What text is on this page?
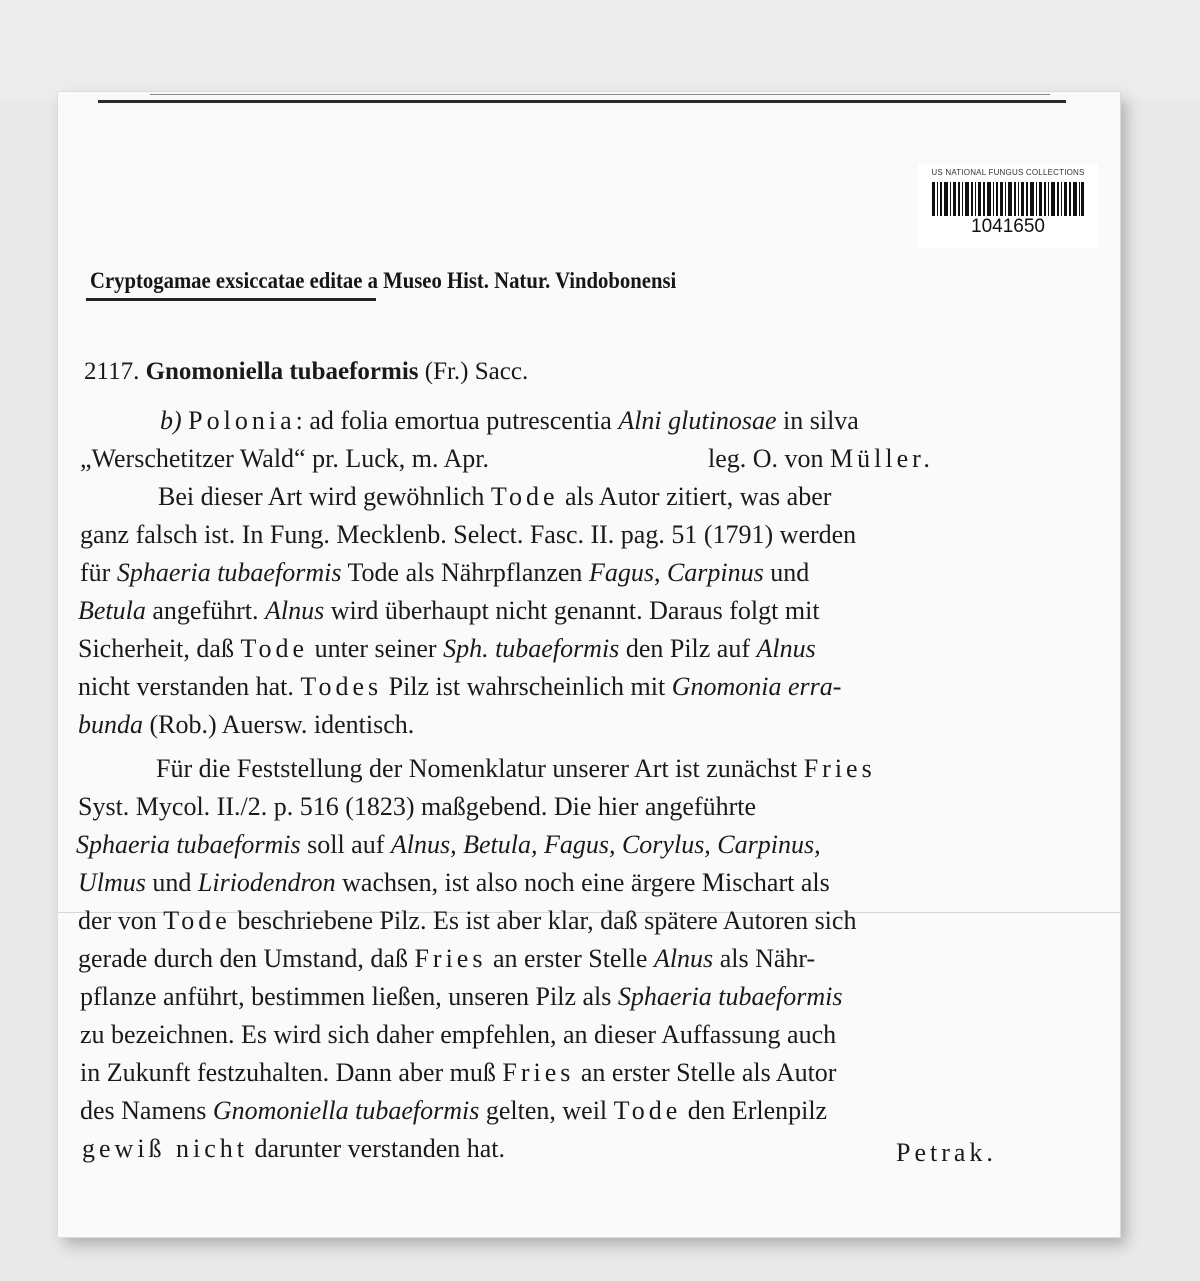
US NATIONAL FUNGUS COLLECTIONS
1041650
Cryptogamae exsiccatae editae a Museo Hist. Natur. Vindobonensi
2117. Gnomoniella tubaeformis (Fr.) Sacc.
b) Polonia: ad folia emortua putrescentia Alni glutinosae in silva
„Werschetitzer Wald“ pr. Luck, m. Apr.	leg. O. von Müller.
Bei dieser Art wird gewöhnlich Tode als Autor zitiert, was aber
ganz falsch ist. In Fung. Mecklenb. Select. Fasc. II. pag. 51 (1791) werden
für Sphaeria tubaeformis Tode als Nährpflanzen Fagus, Carpinus und
Betula angeführt. Alnus wird überhaupt nicht genannt. Daraus folgt mit
Sicherheit, daß Tode unter seiner Sph. tubaeformis den Pilz auf Alnus
nicht verstanden hat. Todes Pilz ist wahrscheinlich mit Gnomonia erra-
bunda (Rob.) Auersw. identisch.
Für die Feststellung der Nomenklatur unserer Art ist zunächst Fries
Syst. Mycol. II./2. p. 516 (1823) maßgebend. Die hier angeführte
Sphaeria tubaeformis soll auf Alnus, Betula, Fagus, Corylus, Carpinus,
Ulmus und Liriodendron wachsen, ist also noch eine ärgere Mischart als
der von Tode beschriebene Pilz. Es ist aber klar, daß spätere Autoren sich
gerade durch den Umstand, daß Fries an erster Stelle Alnus als Nähr-
pflanze anführt, bestimmen ließen, unseren Pilz als Sphaeria tubaeformis
zu bezeichnen. Es wird sich daher empfehlen, an dieser Auffassung auch
in Zukunft festzuhalten. Dann aber muß Fries an erster Stelle als Autor
des Namens Gnomoniella tubaeformis gelten, weil Tode den Erlenpilz
gewiß nicht darunter verstanden hat.	Petrak.
